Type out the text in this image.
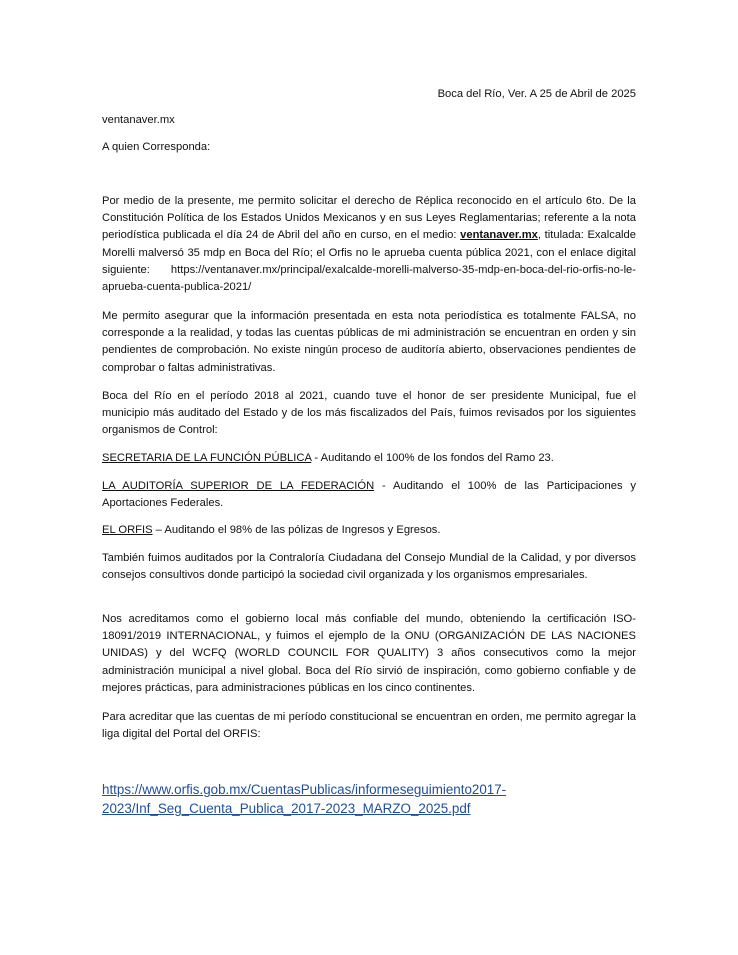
Boca del Río, Ver. A 25 de Abril de 2025

ventanaver.mx

A quien Corresponda:

Por medio de la presente, me permito solicitar el derecho de Réplica reconocido en el artículo 6to. De la Constitución Política de los Estados Unidos Mexicanos y en sus Leyes Reglamentarias; referente a la nota periodística publicada el día 24 de Abril del año en curso, en el medio: ventanaver.mx, titulada: Exalcalde Morelli malversó 35 mdp en Boca del Río; el Orfis no le aprueba cuenta pública 2021, con el enlace digital siguiente: https://ventanaver.mx/principal/exalcalde-morelli-malverso-35-mdp-en-boca-del-rio-orfis-no-le-aprueba-cuenta-publica-2021/

Me permito asegurar que la información presentada en esta nota periodística es totalmente FALSA, no corresponde a la realidad, y todas las cuentas públicas de mi administración se encuentran en orden y sin pendientes de comprobación. No existe ningún proceso de auditoría abierto, observaciones pendientes de comprobar o faltas administrativas.

Boca del Río en el período 2018 al 2021, cuando tuve el honor de ser presidente Municipal, fue el municipio más auditado del Estado y de los más fiscalizados del País, fuimos revisados por los siguientes organismos de Control:

SECRETARIA DE LA FUNCIÓN PÚBLICA - Auditando el 100% de los fondos del Ramo 23.

LA AUDITORÍA SUPERIOR DE LA FEDERACIÓN - Auditando el 100% de las Participaciones y Aportaciones Federales.

EL ORFIS – Auditando el 98% de las pólizas de Ingresos y Egresos.

También fuimos auditados por la Contraloría Ciudadana del Consejo Mundial de la Calidad, y por diversos consejos consultivos donde participó la sociedad civil organizada y los organismos empresariales.

Nos acreditamos como el gobierno local más confiable del mundo, obteniendo la certificación ISO-18091/2019 INTERNACIONAL, y fuimos el ejemplo de la ONU (ORGANIZACIÓN DE LAS NACIONES UNIDAS) y del WCFQ (WORLD COUNCIL FOR QUALITY) 3 años consecutivos como la mejor administración municipal a nivel global. Boca del Río sirvió de inspiración, como gobierno confiable y de mejores prácticas, para administraciones públicas en los cinco continentes.

Para acreditar que las cuentas de mi período constitucional se encuentran en orden, me permito agregar la liga digital del Portal del ORFIS:

https://www.orfis.gob.mx/CuentasPublicas/informeseguimiento2017-
2023/Inf_Seg_Cuenta_Publica_2017-2023_MARZO_2025.pdf
